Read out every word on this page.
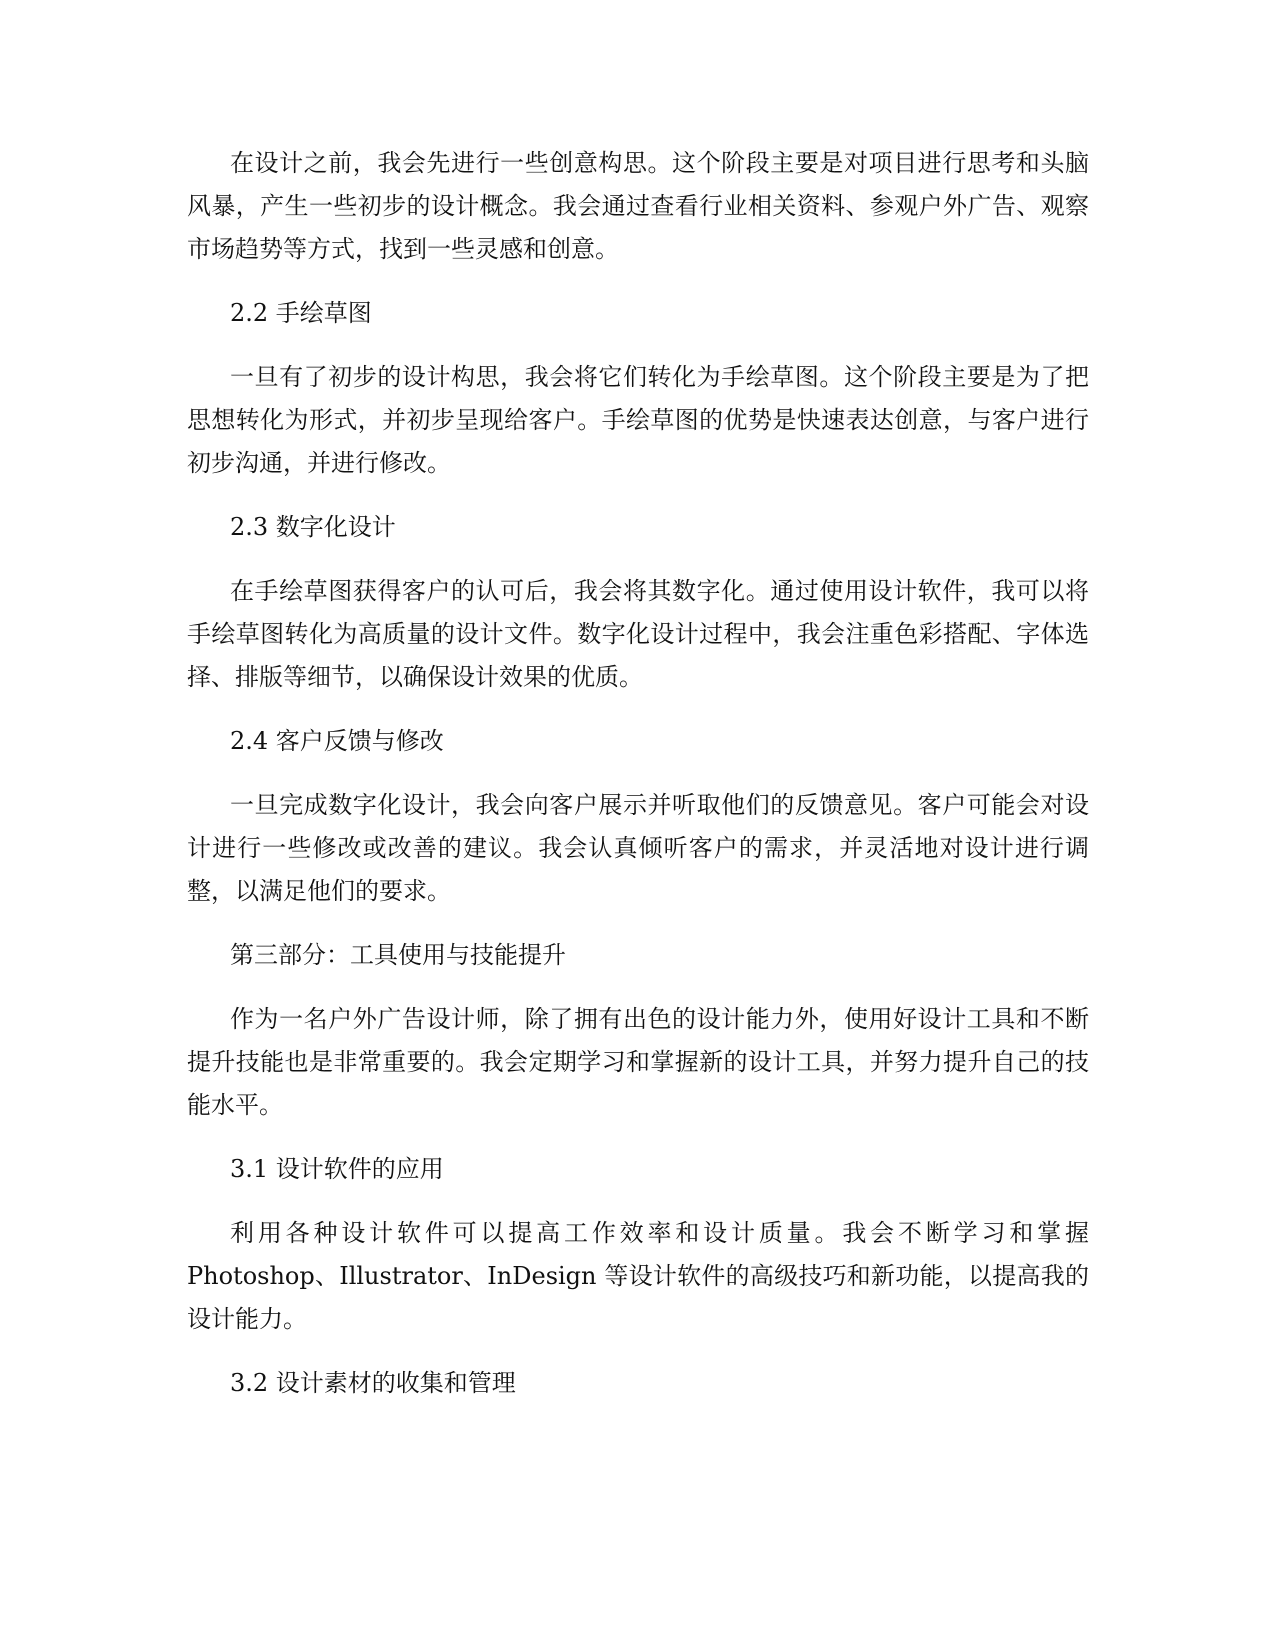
在设计之前，我会先进行一些创意构思。这个阶段主要是对项目进行思考和头脑风暴，产生一些初步的设计概念。我会通过查看行业相关资料、参观户外广告、观察市场趋势等方式，找到一些灵感和创意。

2.2 手绘草图

一旦有了初步的设计构思，我会将它们转化为手绘草图。这个阶段主要是为了把思想转化为形式，并初步呈现给客户。手绘草图的优势是快速表达创意，与客户进行初步沟通，并进行修改。

2.3 数字化设计

在手绘草图获得客户的认可后，我会将其数字化。通过使用设计软件，我可以将手绘草图转化为高质量的设计文件。数字化设计过程中，我会注重色彩搭配、字体选择、排版等细节，以确保设计效果的优质。

2.4 客户反馈与修改

一旦完成数字化设计，我会向客户展示并听取他们的反馈意见。客户可能会对设计进行一些修改或改善的建议。我会认真倾听客户的需求，并灵活地对设计进行调整，以满足他们的要求。

第三部分：工具使用与技能提升

作为一名户外广告设计师，除了拥有出色的设计能力外，使用好设计工具和不断提升技能也是非常重要的。我会定期学习和掌握新的设计工具，并努力提升自己的技能水平。

3.1 设计软件的应用

利用各种设计软件可以提高工作效率和设计质量。我会不断学习和掌握 Photoshop、Illustrator、InDesign 等设计软件的高级技巧和新功能，以提高我的设计能力。

3.2 设计素材的收集和管理
